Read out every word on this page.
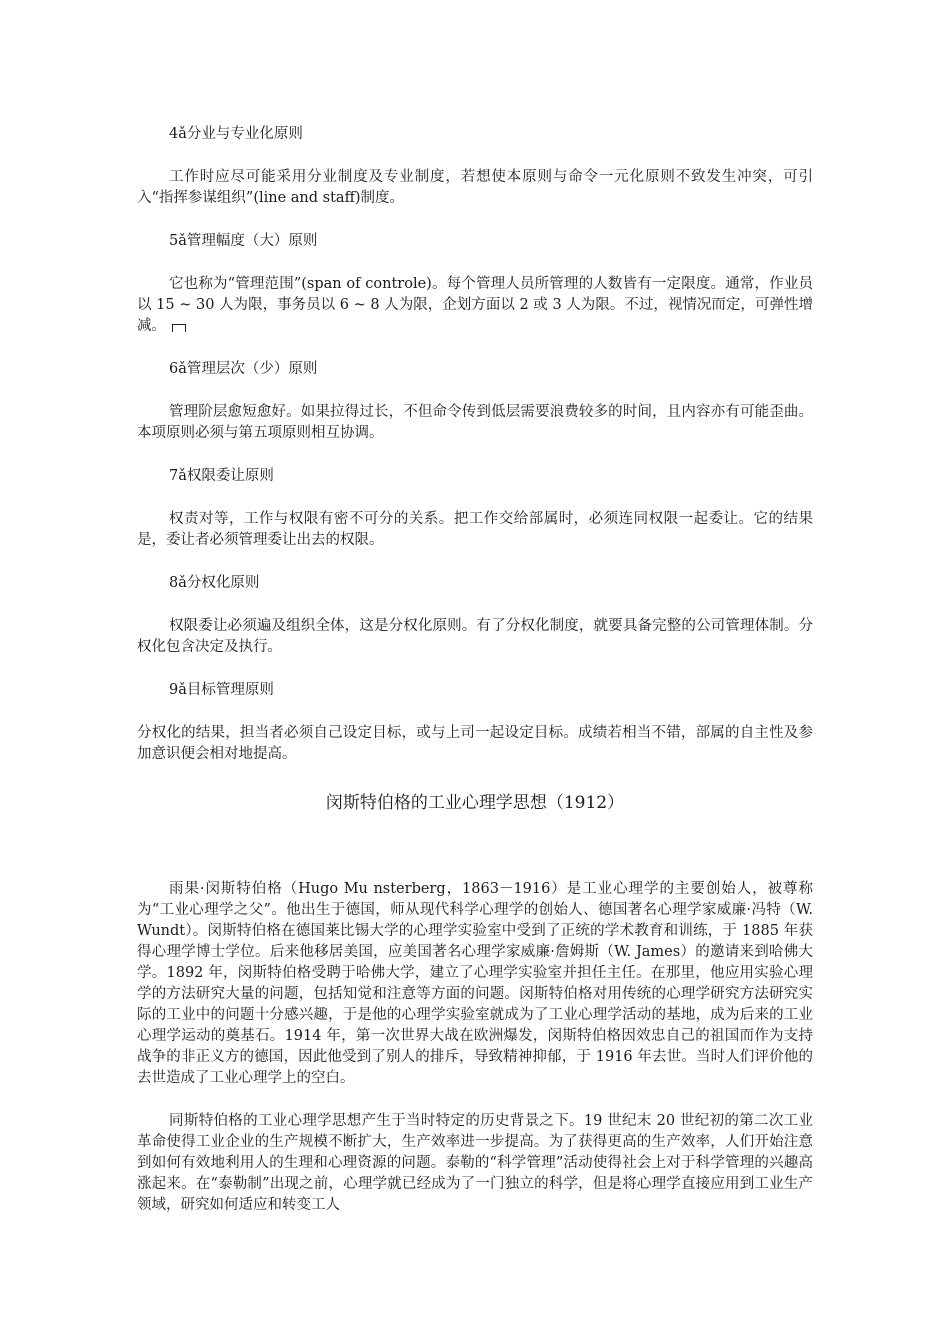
4ǎ分业与专业化原则

工作时应尽可能采用分业制度及专业制度，若想使本原则与命令一元化原则不致发生冲突，可引入“指挥参谋组织”(line and staff)制度。

5ǎ管理幅度（大）原则

它也称为“管理范围”(span of controle)。每个管理人员所管理的人数皆有一定限度。通常，作业员以 15 ~ 30 人为限，事务员以 6 ~ 8 人为限，企划方面以 2 或 3 人为限。不过，视情况而定，可弹性增减。

6ǎ管理层次（少）原则

管理阶层愈短愈好。如果拉得过长，不但命令传到低层需要浪费较多的时间，且内容亦有可能歪曲。本项原则必须与第五项原则相互协调。

7ǎ权限委让原则

权责对等，工作与权限有密不可分的关系。把工作交给部属时，必须连同权限一起委让。它的结果是，委让者必须管理委让出去的权限。

8ǎ分权化原则

权限委让必须遍及组织全体，这是分权化原则。有了分权化制度，就要具备完整的公司管理体制。分权化包含决定及执行。

9ǎ目标管理原则

分权化的结果，担当者必须自己设定目标，或与上司一起设定目标。成绩若相当不错，部属的自主性及参加意识便会相对地提高。

闵斯特伯格的工业心理学思想（1912）

雨果·闵斯特伯格（Hugo Mu nsterberg，1863－1916）是工业心理学的主要创始人，被尊称为“工业心理学之父”。他出生于德国，师从现代科学心理学的创始人、德国著名心理学家威廉·冯特（W. Wundt）。闵斯特伯格在德国莱比锡大学的心理学实验室中受到了正统的学术教育和训练，于 1885 年获得心理学博士学位。后来他移居美国，应美国著名心理学家威廉·詹姆斯（W. James）的邀请来到哈佛大学。1892 年，闵斯特伯格受聘于哈佛大学，建立了心理学实验室并担任主任。在那里，他应用实验心理学的方法研究大量的问题，包括知觉和注意等方面的问题。闵斯特伯格对用传统的心理学研究方法研究实际的工业中的问题十分感兴趣，于是他的心理学实验室就成为了工业心理学活动的基地，成为后来的工业心理学运动的奠基石。1914 年，第一次世界大战在欧洲爆发，闵斯特伯格因效忠自己的祖国而作为支持战争的非正义方的德国，因此他受到了别人的排斥，导致精神抑郁，于 1916 年去世。当时人们评价他的去世造成了工业心理学上的空白。

同斯特伯格的工业心理学思想产生于当时特定的历史背景之下。19 世纪末 20 世纪初的第二次工业革命使得工业企业的生产规模不断扩大，生产效率进一步提高。为了获得更高的生产效率，人们开始注意到如何有效地利用人的生理和心理资源的问题。泰勒的“科学管理”活动使得社会上对于科学管理的兴趣高涨起来。在“泰勒制”出现之前，心理学就已经成为了一门独立的科学，但是将心理学直接应用到工业生产领域，研究如何适应和转变工人
